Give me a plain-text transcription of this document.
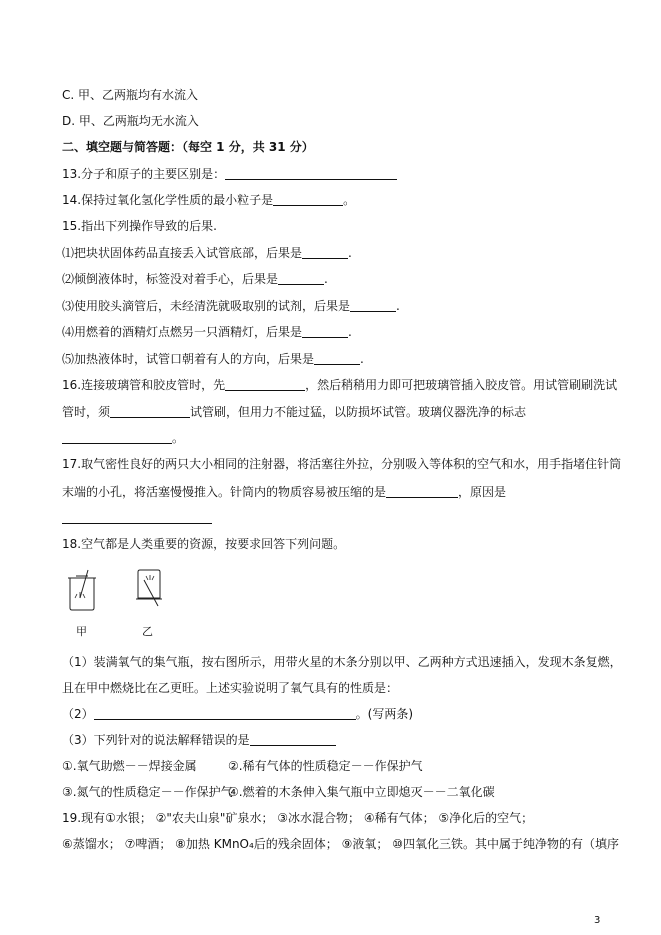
C. 甲、乙两瓶均有水流入
D. 甲、乙两瓶均无水流入
二、填空题与简答题：（每空 1 分，共 31 分）
13.分子和原子的主要区别是：
14.保持过氧化氢化学性质的最小粒子是	。
15.指出下列操作导致的后果.
⑴把块状固体药品直接丢入试管底部，后果是	.
⑵倾倒液体时，标签没对着手心，后果是	.
⑶使用胶头滴管后，未经清洗就吸取别的试剂，后果是	.
⑷用燃着的酒精灯点燃另一只酒精灯，后果是	.
⑸加热液体时，试管口朝着有人的方向，后果是	.
16.连接玻璃管和胶皮管时，先	，然后稍稍用力即可把玻璃管插入胶皮管。用试管刷刷洗试
管时，须	试管刷，但用力不能过猛，以防损坏试管。玻璃仪器洗净的标志
。
17.取气密性良好的两只大小相同的注射器，将活塞往外拉，分别吸入等体积的空气和水，用手指堵住针筒
末端的小孔，将活塞慢慢推入。针筒内的物质容易被压缩的是	，原因是
18.空气都是人类重要的资源，按要求回答下列问题。
甲	乙
（1）装满氧气的集气瓶，按右图所示，用带火星的木条分别以甲、乙两种方式迅速插入，发现木条复燃，
且在甲中燃烧比在乙更旺。上述实验说明了氧气具有的性质是：
（2）	。(写两条)
（3）下列针对的说法解释错误的是
①.氧气助燃－－焊接金属	②.稀有气体的性质稳定－－作保护气
③.氮气的性质稳定－－作保护气
④.燃着的木条伸入集气瓶中立即熄灭－－二氧化碳
19.现有①水银； ②"农夫山泉"矿泉水； ③冰水混合物； ④稀有气体； ⑤净化后的空气；
⑥蒸馏水； ⑦啤酒； ⑧加热 KMnO₄后的残余固体； ⑨液氧； ⑩四氧化三铁。其中属于纯净物的有（填序
3
